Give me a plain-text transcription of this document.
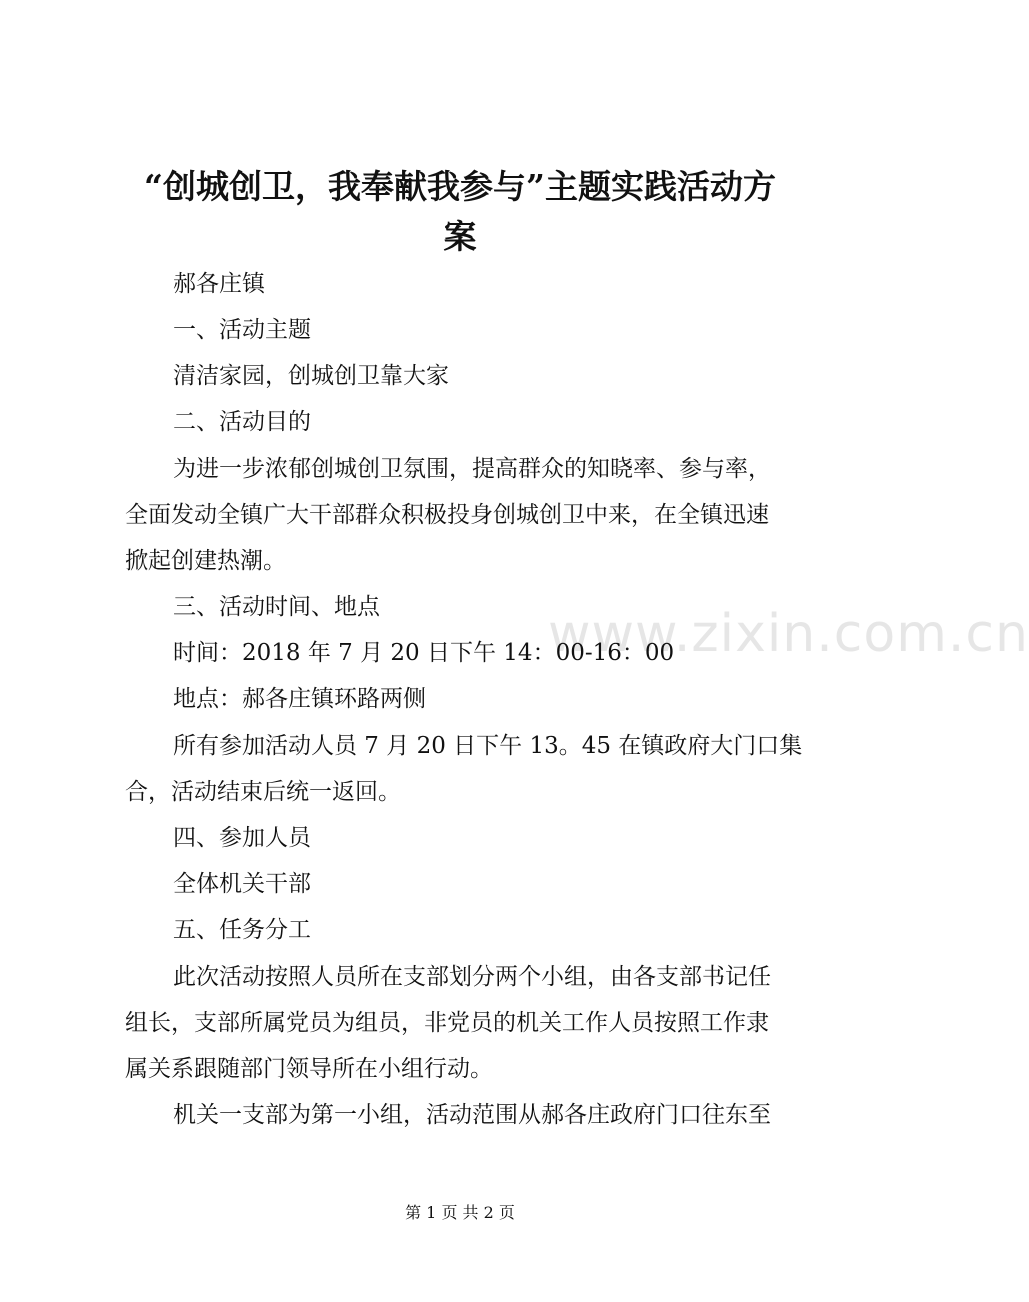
www.zixin.com.cn
“创城创卫，我奉献我参与”主题实践活动方
案

郝各庄镇

一、活动主题

清洁家园，创城创卫靠大家

二、活动目的

为进一步浓郁创城创卫氛围，提高群众的知晓率、参与率，

全面发动全镇广大干部群众积极投身创城创卫中来，在全镇迅速

掀起创建热潮。

三、活动时间、地点

时间：2018 年 7 月 20 日下午 14：00-16：00

地点：郝各庄镇环路两侧

所有参加活动人员 7 月 20 日下午 13。45 在镇政府大门口集

合，活动结束后统一返回。

四、参加人员

全体机关干部

五、任务分工

此次活动按照人员所在支部划分两个小组，由各支部书记任

组长，支部所属党员为组员，非党员的机关工作人员按照工作隶

属关系跟随部门领导所在小组行动。

机关一支部为第一小组，活动范围从郝各庄政府门口往东至

第 1 页 共 2 页
